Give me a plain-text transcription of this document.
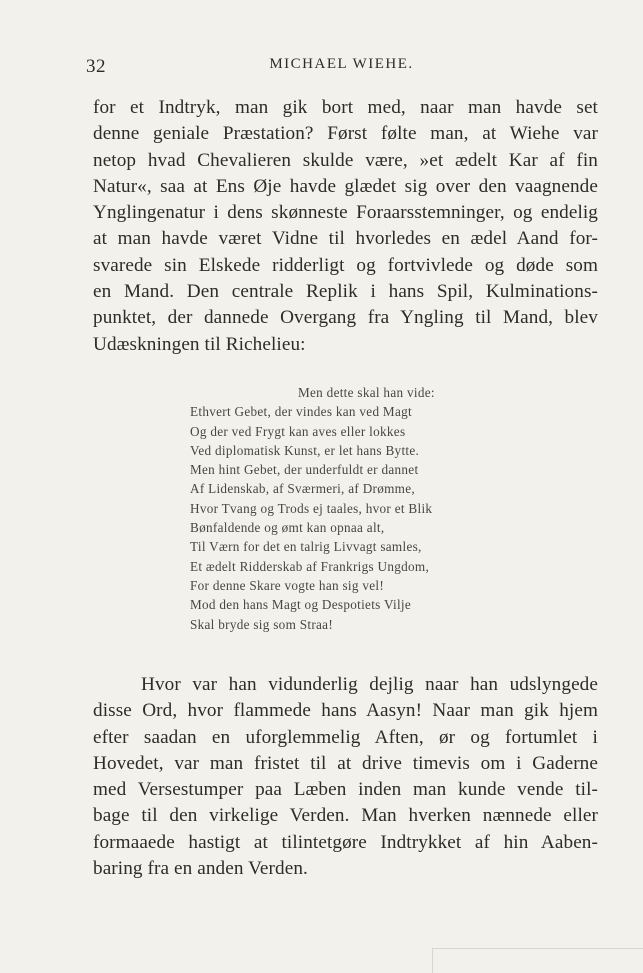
32	MICHAEL WIEHE.
for et Indtryk, man gik bort med, naar man havde set
denne geniale Præstation? Først følte man, at Wiehe var
netop hvad Chevalieren skulde være, »et ædelt Kar af fin
Natur«, saa at Ens Øje havde glædet sig over den vaagnende
Ynglingenatur i dens skønneste Foraarsstemninger, og endelig
at man havde været Vidne til hvorledes en ædel Aand for-
svarede sin Elskede ridderligt og fortvivlede og døde som
en Mand. Den centrale Replik i hans Spil, Kulminations-
punktet, der dannede Overgang fra Yngling til Mand, blev
Udæskningen til Richelieu:
Men dette skal han vide:
Ethvert Gebet, der vindes kan ved Magt
Og der ved Frygt kan aves eller lokkes
Ved diplomatisk Kunst, er let hans Bytte.
Men hint Gebet, der underfuldt er dannet
Af Lidenskab, af Sværmeri, af Drømme,
Hvor Tvang og Trods ej taales, hvor et Blik
Bønfaldende og ømt kan opnaa alt,
Til Værn for det en talrig Livvagt samles,
Et ædelt Ridderskab af Frankrigs Ungdom,
For denne Skare vogte han sig vel!
Mod den hans Magt og Despotiets Vilje
Skal bryde sig som Straa!
Hvor var han vidunderlig dejlig naar han udslyngede
disse Ord, hvor flammede hans Aasyn! Naar man gik hjem
efter saadan en uforglemmelig Aften, ør og fortumlet i
Hovedet, var man fristet til at drive timevis om i Gaderne
med Versestumper paa Læben inden man kunde vende til-
bage til den virkelige Verden. Man hverken nænnede eller
formaaede hastigt at tilintetgøre Indtrykket af hin Aaben-
baring fra en anden Verden.
